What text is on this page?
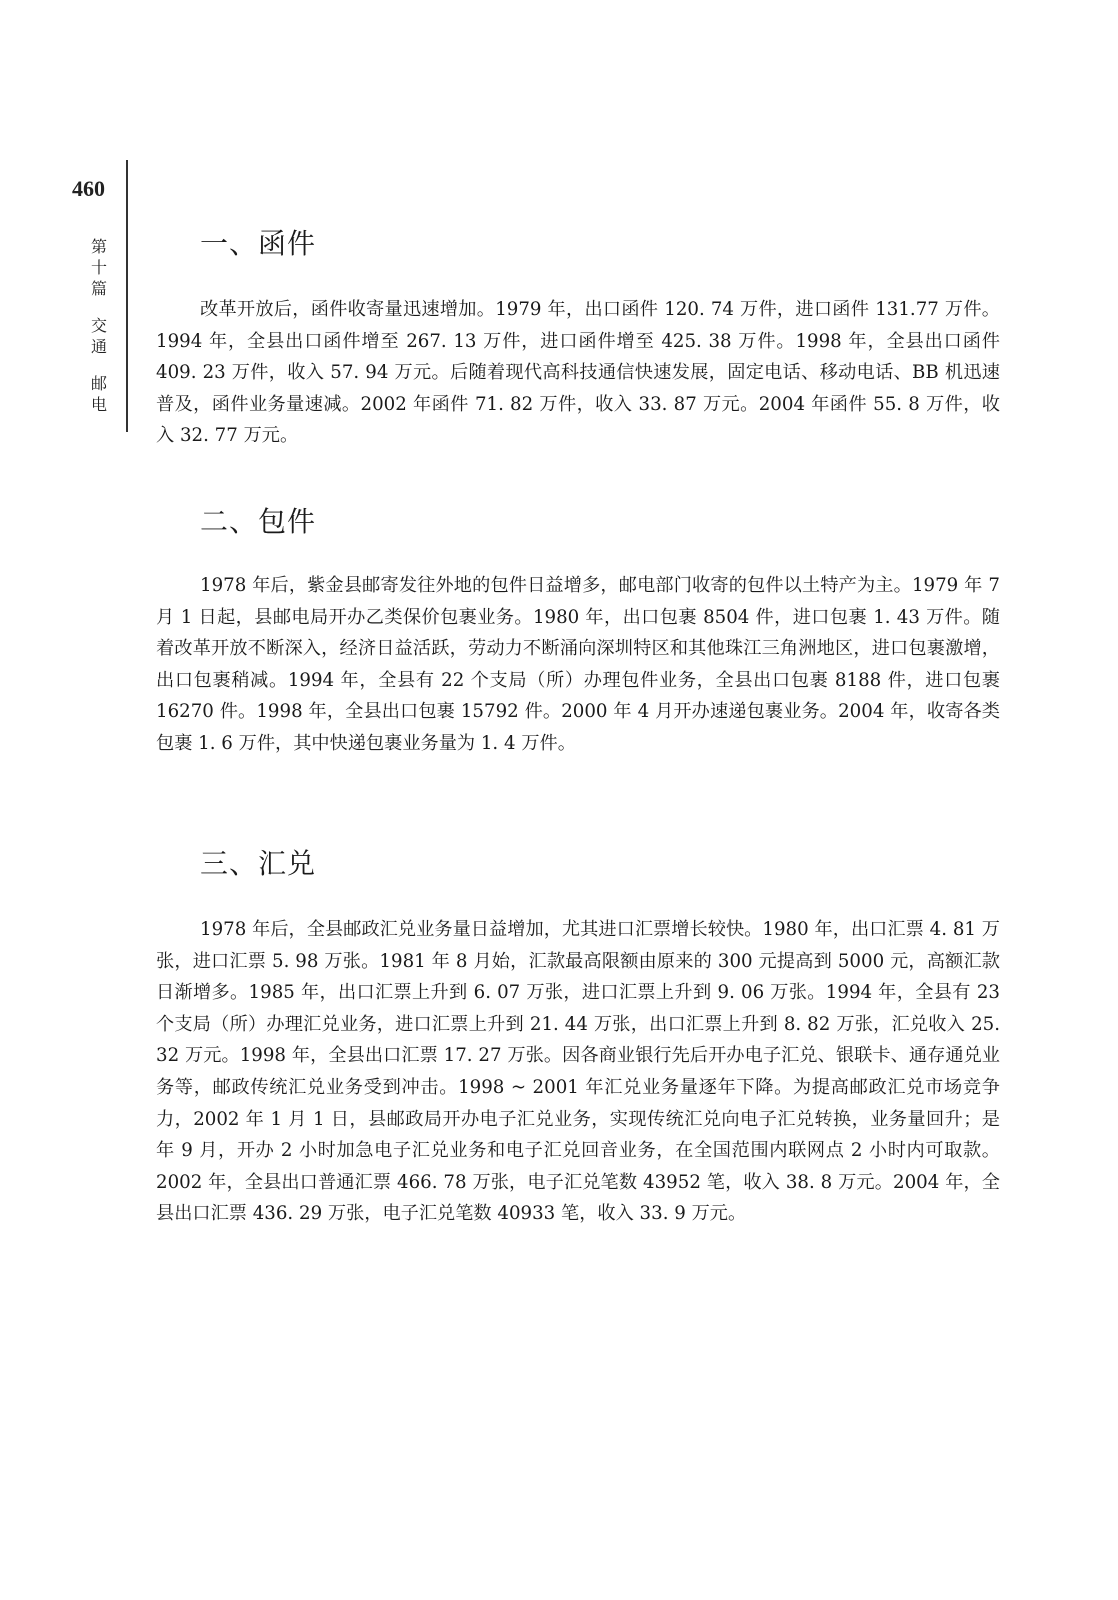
460
第
十
篇
交
通
邮
电
一、函件

改革开放后，函件收寄量迅速增加。1979 年，出口函件 120. 74 万件，进口函件 131.77 万件。1994 年，全县出口函件增至 267. 13 万件，进口函件增至 425. 38 万件。1998 年，全县出口函件 409. 23 万件，收入 57. 94 万元。后随着现代高科技通信快速发展，固定电话、移动电话、BB 机迅速普及，函件业务量速减。2002 年函件 71. 82 万件，收入 33. 87 万元。2004 年函件 55. 8 万件，收入 32. 77 万元。

二、包件

1978 年后，紫金县邮寄发往外地的包件日益增多，邮电部门收寄的包件以土特产为主。1979 年 7 月 1 日起，县邮电局开办乙类保价包裹业务。1980 年，出口包裹 8504 件，进口包裹 1. 43 万件。随着改革开放不断深入，经济日益活跃，劳动力不断涌向深圳特区和其他珠江三角洲地区，进口包裹激增，出口包裹稍减。1994 年，全县有 22 个支局（所）办理包件业务，全县出口包裹 8188 件，进口包裹 16270 件。1998 年，全县出口包裹 15792 件。2000 年 4 月开办速递包裹业务。2004 年，收寄各类包裹 1. 6 万件，其中快递包裹业务量为 1. 4 万件。

三、汇兑

1978 年后，全县邮政汇兑业务量日益增加，尤其进口汇票增长较快。1980 年，出口汇票 4. 81 万张，进口汇票 5. 98 万张。1981 年 8 月始，汇款最高限额由原来的 300 元提高到 5000 元，高额汇款日渐增多。1985 年，出口汇票上升到 6. 07 万张，进口汇票上升到 9. 06 万张。1994 年，全县有 23 个支局（所）办理汇兑业务，进口汇票上升到 21. 44 万张，出口汇票上升到 8. 82 万张，汇兑收入 25. 32 万元。1998 年，全县出口汇票 17. 27 万张。因各商业银行先后开办电子汇兑、银联卡、通存通兑业务等，邮政传统汇兑业务受到冲击。1998 ~ 2001 年汇兑业务量逐年下降。为提高邮政汇兑市场竞争力，2002 年 1 月 1 日，县邮政局开办电子汇兑业务，实现传统汇兑向电子汇兑转换，业务量回升；是年 9 月，开办 2 小时加急电子汇兑业务和电子汇兑回音业务，在全国范围内联网点 2 小时内可取款。2002 年，全县出口普通汇票 466. 78 万张，电子汇兑笔数 43952 笔，收入 38. 8 万元。2004 年，全县出口汇票 436. 29 万张，电子汇兑笔数 40933 笔，收入 33. 9 万元。
